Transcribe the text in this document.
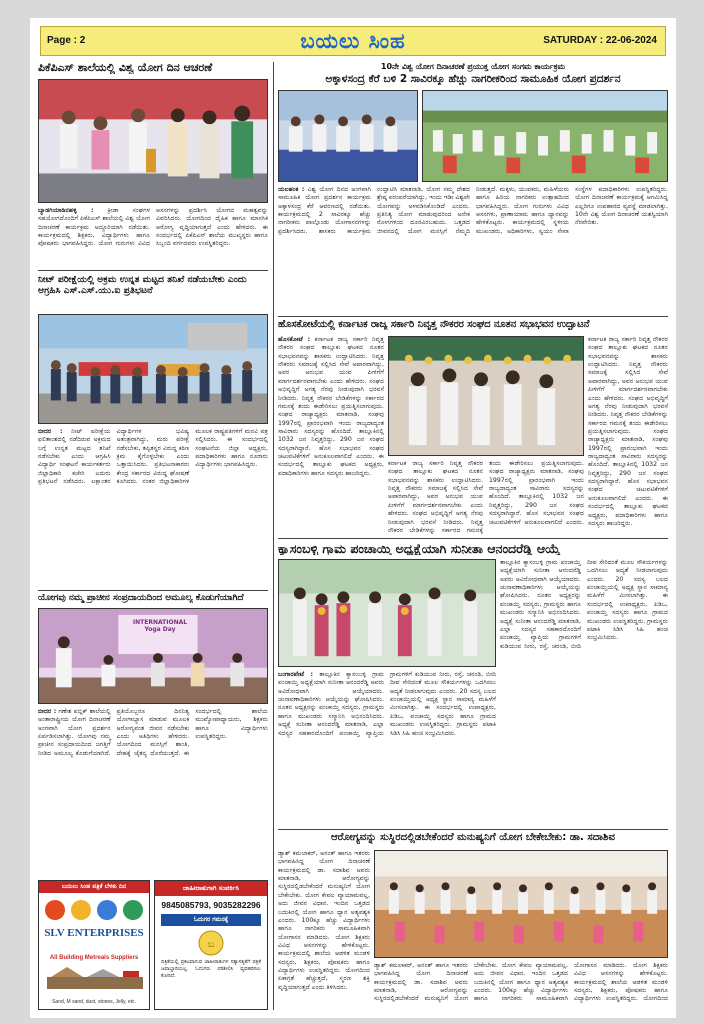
Page : 2	ಬಯಲು ಸಿಂಹ	SATURDAY : 22-06-2024
ಪಿಕೆಪಿಎಸ್ ಶಾಲೆಯಲ್ಲಿ ವಿಶ್ವ ಯೋಗ ದಿನ ಆಚರಣೆ
ಬ್ಯಾಡಗಿಯಾಡಿನಹಳ್ಳಿ : ಕ್ರೀಡಾ ಸಂಘಗಳ ಸಹಯೋಗದೊಂದಿಗೆ ಪಿಕೆಪಿಎಸ್ ಶಾಲೆಯಲ್ಲಿ ವಿಶ್ವ ಯೋಗ ದಿನಾಚರಣೆ ಕಾರ್ಯಕ್ರಮ ಅದ್ದೂರಿಯಾಗಿ ನಡೆಯಿತು. ಕಾರ್ಯಕ್ರಮದಲ್ಲಿ ಶಿಕ್ಷಕರು, ವಿದ್ಯಾರ್ಥಿಗಳು ಹಾಗೂ ಪೋಷಕರು ಭಾಗವಹಿಸಿದ್ದರು. ಯೋಗ ಗುರುಗಳು ವಿವಿಧ ಆಸನಗಳನ್ನು ಪ್ರದರ್ಶಿಸಿ ಯೋಗದ ಮಹತ್ವವನ್ನು ವಿವರಿಸಿದರು. ಯೋಗದಿಂದ ದೈಹಿಕ ಹಾಗೂ ಮಾನಸಿಕ ಆರೋಗ್ಯ ವೃದ್ಧಿಯಾಗುತ್ತದೆ ಎಂದು ಹೇಳಿದರು. ಈ ಸಂದರ್ಭದಲ್ಲಿ ಪಿಕೆಪಿಎಸ್ ಶಾಲೆಯ ಮುಖ್ಯಸ್ಥರು ಹಾಗೂ ಸಿಬ್ಬಂದಿ ವರ್ಗದವರು ಉಪಸ್ಥಿತರಿದ್ದರು.
ನೀಟ್ ಪರೀಕ್ಷೆಯಲ್ಲಿ ಅಕ್ರಮ ಉನ್ನತ ಮಟ್ಟದ ತನಿಖೆ ನಡೆಯಬೇಕು ಎಂದು ಆಗ್ರಹಿಸಿ ಎಸ್.ಎಸ್.ಯು.ಐ ಪ್ರತಿಭಟನೆ
ಬೀದರ : ನೀಟ್ ಪರೀಕ್ಷೆಯ ಫಲಿತಾಂಶದಲ್ಲಿ ನಡೆದಿರುವ ಅಕ್ರಮದ ಬಗ್ಗೆ ಉನ್ನತ ಮಟ್ಟದ ತನಿಖೆ ನಡೆಸಬೇಕು ಎಂದು ಆಗ್ರಹಿಸಿ ವಿದ್ಯಾರ್ಥಿ ಸಂಘಟನೆ ಕಾರ್ಯಕರ್ತರು ಜಿಲ್ಲಾಧಿಕಾರಿ ಕಚೇರಿ ಎದುರು ಪ್ರತಿಭಟನೆ ನಡೆಸಿದರು. ಲಕ್ಷಾಂತರ ವಿದ್ಯಾರ್ಥಿಗಳ ಭವಿಷ್ಯ ಅತಂತ್ರವಾಗಿದ್ದು, ಮರು ಪರೀಕ್ಷೆ ನಡೆಸಬೇಕು, ತಪ್ಪಿತಸ್ಥರ ವಿರುದ್ಧ ಕಠಿಣ ಕ್ರಮ ಕೈಗೊಳ್ಳಬೇಕು ಎಂದು ಒತ್ತಾಯಿಸಿದರು. ಪ್ರತಿಭಟನಾಕಾರರು ಕೇಂದ್ರ ಸರ್ಕಾರದ ವಿರುದ್ಧ ಘೋಷಣೆ ಕೂಗಿದರು. ನಂತರ ಜಿಲ್ಲಾಧಿಕಾರಿಗಳ ಮೂಲಕ ರಾಷ್ಟ್ರಪತಿಗಳಿಗೆ ಮನವಿ ಪತ್ರ ಸಲ್ಲಿಸಿದರು. ಈ ಸಂದರ್ಭದಲ್ಲಿ ಸಂಘಟನೆಯ ಜಿಲ್ಲಾ ಅಧ್ಯಕ್ಷರು, ಪದಾಧಿಕಾರಿಗಳು ಹಾಗೂ ನೂರಾರು ವಿದ್ಯಾರ್ಥಿಗಳು ಭಾಗವಹಿಸಿದ್ದರು.
ಯೋಗವು ನಮ್ಮ ಪ್ರಾಚೀನ ಸಂಪ್ರದಾಯದಿಂದ ಅಮೂಲ್ಯ ಕೊಡುಗೆಯಾಗಿದೆ
INTERNATIONAL Yoga Day
ಬೀದರ : ಗಣೇಶ ಪಬ್ಲಿಕ್ ಶಾಲೆಯಲ್ಲಿ ಅಂತಾರಾಷ್ಟ್ರೀಯ ಯೋಗ ದಿನಾಚರಣೆ ಅಂಗವಾಗಿ ಯೋಗ ಪ್ರದರ್ಶನ ಏರ್ಪಡಿಸಲಾಗಿತ್ತು. ಯೋಗವು ನಮ್ಮ ಪ್ರಾಚೀನ ಸಂಪ್ರದಾಯದಿಂದ ಜಗತ್ತಿಗೆ ನೀಡಿದ ಅಮೂಲ್ಯ ಕೊಡುಗೆಯಾಗಿದೆ. ಪ್ರತಿಯೊಬ್ಬರೂ ದಿನನಿತ್ಯ ಯೋಗಾಭ್ಯಾಸ ಮಾಡುವ ಮೂಲಕ ಆರೋಗ್ಯವಂತ ಜೀವನ ನಡೆಸಬೇಕು ಎಂದು ಅತಿಥಿಗಳು ಹೇಳಿದರು. ಯೋಗದಿಂದ ಮನಸ್ಸಿಗೆ ಶಾಂತಿ, ದೇಹಕ್ಕೆ ಚೈತನ್ಯ ದೊರೆಯುತ್ತದೆ. ಈ ಸಂದರ್ಭದಲ್ಲಿ ಶಾಲೆಯ ಮುಖ್ಯೋಪಾಧ್ಯಾಯರು, ಶಿಕ್ಷಕರು ಹಾಗೂ ವಿದ್ಯಾರ್ಥಿಗಳು ಉಪಸ್ಥಿತರಿದ್ದರು.
ಬಯಲು ಸಿಂಹ ಪತ್ರಿಕೆ ಬೆಳಕು ದಿನ
SLV ENTERPRISES
All Building Metreals Suppliers
Sand, M sand, dust, stones, Jelly, etc.
ಜಾಹೀರಾತುಗಾಗಿ ಸಂಪರ್ಕಿಸಿ
9845085793, 9035282296
ಓದುಗರ ಗಮನಕ್ಕೆ
ಬ
ಪತ್ರಿಕೆಯಲ್ಲಿ ಪ್ರಕಟವಾಗುವ ಜಾಹೀರಾತುಗಳ ಸತ್ಯಾಸತ್ಯತೆಗೆ ಪತ್ರಿಕೆ ಜವಾಬ್ದಾರಿಯಲ್ಲ. ಓದುಗರು ಪರಿಶೀಲಿಸಿ ವ್ಯವಹರಿಸಲು ಕೋರಿದೆ.
10ನೇ ವಿಶ್ವ ಯೋಗ ದಿನಾಚರಣೆ ಪ್ರಯುಕ್ತ ಯೋಗ ಸಂಗಮ ಕಾರ್ಯಕ್ರಮ
ಅಕ್ಕಾಳಸಂದ್ರ ಕೆರೆ ಬಳಿ 2 ಸಾವಿರಕ್ಕೂ ಹೆಚ್ಚು ನಾಗರೀಕರಿಂದ ಸಾಮೂಹಿಕ ಯೋಗ ಪ್ರದರ್ಶನ
ಯಲಹಂಕ : ವಿಶ್ವ ಯೋಗ ದಿನದ ಅಂಗವಾಗಿ ಸಾಮೂಹಿಕ ಯೋಗ ಪ್ರದರ್ಶನ ಕಾರ್ಯಕ್ರಮ ಅಕ್ಕಾಳಸಂದ್ರ ಕೆರೆ ಆವರಣದಲ್ಲಿ ನಡೆಯಿತು. ಕಾರ್ಯಕ್ರಮದಲ್ಲಿ 2 ಸಾವಿರಕ್ಕೂ ಹೆಚ್ಚು ನಾಗರೀಕರು ಪಾಲ್ಗೊಂಡು ಯೋಗಾಸನಗಳನ್ನು ಪ್ರದರ್ಶಿಸಿದರು. ಶಾಸಕರು ಕಾರ್ಯಕ್ರಮ ಉದ್ಘಾಟಿಸಿ ಮಾತನಾಡಿ, ಯೋಗ ನಮ್ಮ ದೇಶದ ಶ್ರೇಷ್ಠ ಪರಂಪರೆಯಾಗಿದ್ದು, ಇಂದು ಇಡೀ ವಿಶ್ವವೇ ಯೋಗವನ್ನು ಅಳವಡಿಸಿಕೊಂಡಿದೆ ಎಂದರು. ಪ್ರತಿನಿತ್ಯ ಯೋಗ ಮಾಡುವುದರಿಂದ ಅನೇಕ ರೋಗಗಳಿಂದ ದೂರವಿರಬಹುದು. ಒತ್ತಡದ ಜೀವನದಲ್ಲಿ ಯೋಗ ಮನಸ್ಸಿಗೆ ನೆಮ್ಮದಿ ನೀಡುತ್ತದೆ. ಮಕ್ಕಳು, ಯುವಕರು, ಮಹಿಳೆಯರು ಹಾಗೂ ಹಿರಿಯ ನಾಗರಿಕರು ಉತ್ಸಾಹದಿಂದ ಭಾಗವಹಿಸಿದ್ದರು. ಯೋಗ ಗುರುಗಳು ವಿವಿಧ ಆಸನಗಳು, ಪ್ರಾಣಾಯಾಮ ಹಾಗೂ ಧ್ಯಾನವನ್ನು ಹೇಳಿಕೊಟ್ಟರು. ಕಾರ್ಯಕ್ರಮದಲ್ಲಿ ಸ್ಥಳೀಯ ಮುಖಂಡರು, ಅಧಿಕಾರಿಗಳು, ಸ್ವಯಂ ಸೇವಾ ಸಂಸ್ಥೆಗಳ ಪದಾಧಿಕಾರಿಗಳು ಉಪಸ್ಥಿತರಿದ್ದರು. ಯೋಗ ದಿನಾಚರಣೆ ಕಾರ್ಯಕ್ರಮಕ್ಕೆ ಆಗಮಿಸಿದ್ದ ಎಲ್ಲರಿಗೂ ಉಪಹಾರದ ವ್ಯವಸ್ಥೆ ಮಾಡಲಾಗಿತ್ತು. 10ನೇ ವಿಶ್ವ ಯೋಗ ದಿನಾಚರಣೆ ಯಶಸ್ವಿಯಾಗಿ ನೆರವೇರಿತು.
ಹೊಸಕೋಟೆಯಲ್ಲಿ ಕರ್ನಾಟಕ ರಾಜ್ಯ ಸರ್ಕಾರಿ ನಿವೃತ್ತ ನೌಕರರ ಸಂಘದ ನೂತನ ಸಭಾಭವನ ಉದ್ಘಾಟನೆ
ಹೊಸಕೋಟೆ : ಕರ್ನಾಟಕ ರಾಜ್ಯ ಸರ್ಕಾರಿ ನಿವೃತ್ತ ನೌಕರರ ಸಂಘದ ತಾಲ್ಲೂಕು ಘಟಕದ ನೂತನ ಸಭಾಭವನವನ್ನು ಶಾಸಕರು ಉದ್ಘಾಟಿಸಿದರು. ನಿವೃತ್ತ ನೌಕರರು ಸಮಾಜಕ್ಕೆ ಸಲ್ಲಿಸಿದ ಸೇವೆ ಅಪಾರವಾಗಿದ್ದು, ಅವರ ಅನುಭವ ಯುವ ಪೀಳಿಗೆಗೆ ಮಾರ್ಗದರ್ಶನವಾಗಬೇಕು ಎಂದು ಹೇಳಿದರು. ಸಂಘದ ಅಭಿವೃದ್ಧಿಗೆ ಅಗತ್ಯ ನೆರವು ನೀಡುವುದಾಗಿ ಭರವಸೆ ನೀಡಿದರು. ನಿವೃತ್ತ ನೌಕರರ ಬೇಡಿಕೆಗಳನ್ನು ಸರ್ಕಾರದ ಗಮನಕ್ಕೆ ತಂದು ಈಡೇರಿಸಲು ಪ್ರಯತ್ನಿಸಲಾಗುವುದು. ಸಂಘದ ರಾಜ್ಯಾಧ್ಯಕ್ಷರು ಮಾತನಾಡಿ, ಸಂಘವು 1997ರಲ್ಲಿ ಪ್ರಾರಂಭವಾಗಿ ಇಂದು ರಾಜ್ಯದಾದ್ಯಂತ ಸಾವಿರಾರು ಸದಸ್ಯರನ್ನು ಹೊಂದಿದೆ. ತಾಲ್ಲೂಕಿನಲ್ಲಿ 1032 ಜನ ನಿವೃತ್ತರಿದ್ದು, 290 ಜನ ಸಂಘದ ಸದಸ್ಯರಾಗಿದ್ದಾರೆ. ಹೊಸ ಸಭಾಭವನ ಸಂಘದ ಚಟುವಟಿಕೆಗಳಿಗೆ ಅನುಕೂಲವಾಗಲಿದೆ ಎಂದರು. ಈ ಸಂದರ್ಭದಲ್ಲಿ ತಾಲ್ಲೂಕು ಘಟಕದ ಅಧ್ಯಕ್ಷರು, ಪದಾಧಿಕಾರಿಗಳು ಹಾಗೂ ಸದಸ್ಯರು ಹಾಜರಿದ್ದರು.
ಕರ್ನಾಟಕ ರಾಜ್ಯ ಸರ್ಕಾರಿ ನಿವೃತ್ತ ನೌಕರರ ಸಂಘದ ತಾಲ್ಲೂಕು ಘಟಕದ ನೂತನ ಸಭಾಭವನವನ್ನು ಶಾಸಕರು ಉದ್ಘಾಟಿಸಿದರು. ನಿವೃತ್ತ ನೌಕರರು ಸಮಾಜಕ್ಕೆ ಸಲ್ಲಿಸಿದ ಸೇವೆ ಅಪಾರವಾಗಿದ್ದು, ಅವರ ಅನುಭವ ಯುವ ಪೀಳಿಗೆಗೆ ಮಾರ್ಗದರ್ಶನವಾಗಬೇಕು ಎಂದು ಹೇಳಿದರು. ಸಂಘದ ಅಭಿವೃದ್ಧಿಗೆ ಅಗತ್ಯ ನೆರವು ನೀಡುವುದಾಗಿ ಭರವಸೆ ನೀಡಿದರು. ನಿವೃತ್ತ ನೌಕರರ ಬೇಡಿಕೆಗಳನ್ನು ಸರ್ಕಾರದ ಗಮನಕ್ಕೆ ತಂದು ಈಡೇರಿಸಲು ಪ್ರಯತ್ನಿಸಲಾಗುವುದು. ಸಂಘದ ರಾಜ್ಯಾಧ್ಯಕ್ಷರು ಮಾತನಾಡಿ, ಸಂಘವು 1997ರಲ್ಲಿ ಪ್ರಾರಂಭವಾಗಿ ಇಂದು ರಾಜ್ಯದಾದ್ಯಂತ ಸಾವಿರಾರು ಸದಸ್ಯರನ್ನು ಹೊಂದಿದೆ. ತಾಲ್ಲೂಕಿನಲ್ಲಿ 1032 ಜನ ನಿವೃತ್ತರಿದ್ದು, 290 ಜನ ಸಂಘದ ಸದಸ್ಯರಾಗಿದ್ದಾರೆ. ಹೊಸ ಸಭಾಭವನ ಸಂಘದ ಚಟುವಟಿಕೆಗಳಿಗೆ ಅನುಕೂಲವಾಗಲಿದೆ ಎಂದರು.
ಕರ್ನಾಟಕ ರಾಜ್ಯ ಸರ್ಕಾರಿ ನಿವೃತ್ತ ನೌಕರರ ಸಂಘದ ತಾಲ್ಲೂಕು ಘಟಕದ ನೂತನ ಸಭಾಭವನವನ್ನು ಶಾಸಕರು ಉದ್ಘಾಟಿಸಿದರು. ನಿವೃತ್ತ ನೌಕರರು ಸಮಾಜಕ್ಕೆ ಸಲ್ಲಿಸಿದ ಸೇವೆ ಅಪಾರವಾಗಿದ್ದು, ಅವರ ಅನುಭವ ಯುವ ಪೀಳಿಗೆಗೆ ಮಾರ್ಗದರ್ಶನವಾಗಬೇಕು ಎಂದು ಹೇಳಿದರು. ಸಂಘದ ಅಭಿವೃದ್ಧಿಗೆ ಅಗತ್ಯ ನೆರವು ನೀಡುವುದಾಗಿ ಭರವಸೆ ನೀಡಿದರು. ನಿವೃತ್ತ ನೌಕರರ ಬೇಡಿಕೆಗಳನ್ನು ಸರ್ಕಾರದ ಗಮನಕ್ಕೆ ತಂದು ಈಡೇರಿಸಲು ಪ್ರಯತ್ನಿಸಲಾಗುವುದು. ಸಂಘದ ರಾಜ್ಯಾಧ್ಯಕ್ಷರು ಮಾತನಾಡಿ, ಸಂಘವು 1997ರಲ್ಲಿ ಪ್ರಾರಂಭವಾಗಿ ಇಂದು ರಾಜ್ಯದಾದ್ಯಂತ ಸಾವಿರಾರು ಸದಸ್ಯರನ್ನು ಹೊಂದಿದೆ. ತಾಲ್ಲೂಕಿನಲ್ಲಿ 1032 ಜನ ನಿವೃತ್ತರಿದ್ದು, 290 ಜನ ಸಂಘದ ಸದಸ್ಯರಾಗಿದ್ದಾರೆ. ಹೊಸ ಸಭಾಭವನ ಸಂಘದ ಚಟುವಟಿಕೆಗಳಿಗೆ ಅನುಕೂಲವಾಗಲಿದೆ ಎಂದರು. ಈ ಸಂದರ್ಭದಲ್ಲಿ ತಾಲ್ಲೂಕು ಘಟಕದ ಅಧ್ಯಕ್ಷರು, ಪದಾಧಿಕಾರಿಗಳು ಹಾಗೂ ಸದಸ್ಯರು ಹಾಜರಿದ್ದರು.
ಕ್ಯಾಸಂಬಳ್ಳಿ ಗ್ರಾಮ ಪಂಚಾಯ್ತಿ ಅಧ್ಯಕ್ಷೆಯಾಗಿ ಸುನೀತಾ ಆನಂದರೆಡ್ಡಿ ಆಯ್ಕೆ
ಬಂಗಾರಪೇಟೆ : ತಾಲ್ಲೂಕಿನ ಕ್ಯಾಸಂಬಳ್ಳಿ ಗ್ರಾಮ ಪಂಚಾಯ್ತಿ ಅಧ್ಯಕ್ಷೆಯಾಗಿ ಸುನೀತಾ ಆನಂದರೆಡ್ಡಿ ಅವರು ಅವಿರೋಧವಾಗಿ ಆಯ್ಕೆಯಾದರು. ಚುನಾವಣಾಧಿಕಾರಿಗಳು ಆಯ್ಕೆಯನ್ನು ಘೋಷಿಸಿದರು. ನೂತನ ಅಧ್ಯಕ್ಷರನ್ನು ಪಂಚಾಯ್ತಿ ಸದಸ್ಯರು, ಗ್ರಾಮಸ್ಥರು ಹಾಗೂ ಮುಖಂಡರು ಸನ್ಮಾನಿಸಿ ಅಭಿನಂದಿಸಿದರು. ಅಧ್ಯಕ್ಷೆ ಸುನೀತಾ ಆನಂದರೆಡ್ಡಿ ಮಾತನಾಡಿ, ಎಲ್ಲಾ ಸದಸ್ಯರ ಸಹಕಾರದೊಂದಿಗೆ ಪಂಚಾಯ್ತಿ ವ್ಯಾಪ್ತಿಯ ಗ್ರಾಮಗಳಿಗೆ ಕುಡಿಯುವ ನೀರು, ರಸ್ತೆ, ಚರಂಡಿ, ಬೀದಿ ದೀಪ ಸೇರಿದಂತೆ ಮೂಲ ಸೌಕರ್ಯಗಳನ್ನು ಒದಗಿಸಲು ಆದ್ಯತೆ ನೀಡಲಾಗುವುದು ಎಂದರು. 20 ಸದಸ್ಯ ಬಲದ ಪಂಚಾಯ್ತಿಯಲ್ಲಿ ಅಧ್ಯಕ್ಷ ಸ್ಥಾನ ಸಾಮಾನ್ಯ ಮಹಿಳೆಗೆ ಮೀಸಲಾಗಿತ್ತು. ಈ ಸಂದರ್ಭದಲ್ಲಿ ಉಪಾಧ್ಯಕ್ಷರು, ಪಿಡಿಒ, ಪಂಚಾಯ್ತಿ ಸದಸ್ಯರು ಹಾಗೂ ಗ್ರಾಮದ ಮುಖಂಡರು ಉಪಸ್ಥಿತರಿದ್ದರು. ಗ್ರಾಮಸ್ಥರು ಪಟಾಕಿ ಸಿಡಿಸಿ ಸಿಹಿ ಹಂಚಿ ಸಂಭ್ರಮಿಸಿದರು.
ತಾಲ್ಲೂಕಿನ ಕ್ಯಾಸಂಬಳ್ಳಿ ಗ್ರಾಮ ಪಂಚಾಯ್ತಿ ಅಧ್ಯಕ್ಷೆಯಾಗಿ ಸುನೀತಾ ಆನಂದರೆಡ್ಡಿ ಅವರು ಅವಿರೋಧವಾಗಿ ಆಯ್ಕೆಯಾದರು. ಚುನಾವಣಾಧಿಕಾರಿಗಳು ಆಯ್ಕೆಯನ್ನು ಘೋಷಿಸಿದರು. ನೂತನ ಅಧ್ಯಕ್ಷರನ್ನು ಪಂಚಾಯ್ತಿ ಸದಸ್ಯರು, ಗ್ರಾಮಸ್ಥರು ಹಾಗೂ ಮುಖಂಡರು ಸನ್ಮಾನಿಸಿ ಅಭಿನಂದಿಸಿದರು. ಅಧ್ಯಕ್ಷೆ ಸುನೀತಾ ಆನಂದರೆಡ್ಡಿ ಮಾತನಾಡಿ, ಎಲ್ಲಾ ಸದಸ್ಯರ ಸಹಕಾರದೊಂದಿಗೆ ಪಂಚಾಯ್ತಿ ವ್ಯಾಪ್ತಿಯ ಗ್ರಾಮಗಳಿಗೆ ಕುಡಿಯುವ ನೀರು, ರಸ್ತೆ, ಚರಂಡಿ, ಬೀದಿ ದೀಪ ಸೇರಿದಂತೆ ಮೂಲ ಸೌಕರ್ಯಗಳನ್ನು ಒದಗಿಸಲು ಆದ್ಯತೆ ನೀಡಲಾಗುವುದು ಎಂದರು. 20 ಸದಸ್ಯ ಬಲದ ಪಂಚಾಯ್ತಿಯಲ್ಲಿ ಅಧ್ಯಕ್ಷ ಸ್ಥಾನ ಸಾಮಾನ್ಯ ಮಹಿಳೆಗೆ ಮೀಸಲಾಗಿತ್ತು. ಈ ಸಂದರ್ಭದಲ್ಲಿ ಉಪಾಧ್ಯಕ್ಷರು, ಪಿಡಿಒ, ಪಂಚಾಯ್ತಿ ಸದಸ್ಯರು ಹಾಗೂ ಗ್ರಾಮದ ಮುಖಂಡರು ಉಪಸ್ಥಿತರಿದ್ದರು. ಗ್ರಾಮಸ್ಥರು ಪಟಾಕಿ ಸಿಡಿಸಿ ಸಿಹಿ ಹಂಚಿ ಸಂಭ್ರಮಿಸಿದರು.
ಆರೋಗ್ಯವನ್ನು ಸುಸ್ಥಿರದಲ್ಲಿಡಬೇಕೆಂದರೆ ಮನುಷ್ಯನಿಗೆ ಯೋಗ ಬೇಕೇಬೇಕು: ಡಾ. ಸದಾಶಿವ
ಡ್ಯಾಶ್ ಕಮಲಾಕರ್, ಅನಂತ್ ಹಾಗೂ ಇತರರು ಭಾಗವಹಿಸಿದ್ದ ಯೋಗ ದಿನಾಚರಣೆ ಕಾರ್ಯಕ್ರಮದಲ್ಲಿ ಡಾ. ಸದಾಶಿವ ಅವರು ಮಾತನಾಡಿ, ಆರೋಗ್ಯವನ್ನು ಸುಸ್ಥಿರದಲ್ಲಿಡಬೇಕೆಂದರೆ ಮನುಷ್ಯನಿಗೆ ಯೋಗ ಬೇಕೇಬೇಕು. ಯೋಗ ಕೇವಲ ವ್ಯಾಯಾಮವಲ್ಲ, ಅದು ಜೀವನ ವಿಧಾನ. ಇಂದಿನ ಒತ್ತಡದ ಬದುಕಿನಲ್ಲಿ ಯೋಗ ಹಾಗೂ ಧ್ಯಾನ ಅತ್ಯವಶ್ಯಕ ಎಂದರು. 100ಕ್ಕೂ ಹೆಚ್ಚು ವಿದ್ಯಾರ್ಥಿಗಳು ಹಾಗೂ ನಾಗರಿಕರು ಸಾಮೂಹಿಕವಾಗಿ ಯೋಗಾಸನ ಮಾಡಿದರು. ಯೋಗ ಶಿಕ್ಷಕರು ವಿವಿಧ ಆಸನಗಳನ್ನು ಹೇಳಿಕೊಟ್ಟರು. ಕಾರ್ಯಕ್ರಮದಲ್ಲಿ ಶಾಲೆಯ ಆಡಳಿತ ಮಂಡಳಿ ಸದಸ್ಯರು, ಶಿಕ್ಷಕರು, ಪೋಷಕರು ಹಾಗೂ ವಿದ್ಯಾರ್ಥಿಗಳು ಉಪಸ್ಥಿತರಿದ್ದರು. ಯೋಗದಿಂದ ಏಕಾಗ್ರತೆ ಹೆಚ್ಚುತ್ತದೆ, ಸ್ಮರಣ ಶಕ್ತಿ ವೃದ್ಧಿಯಾಗುತ್ತದೆ ಎಂದು ತಿಳಿಸಿದರು.
ಡ್ಯಾಶ್ ಕಮಲಾಕರ್, ಅನಂತ್ ಹಾಗೂ ಇತರರು ಭಾಗವಹಿಸಿದ್ದ ಯೋಗ ದಿನಾಚರಣೆ ಕಾರ್ಯಕ್ರಮದಲ್ಲಿ ಡಾ. ಸದಾಶಿವ ಅವರು ಮಾತನಾಡಿ, ಆರೋಗ್ಯವನ್ನು ಸುಸ್ಥಿರದಲ್ಲಿಡಬೇಕೆಂದರೆ ಮನುಷ್ಯನಿಗೆ ಯೋಗ ಬೇಕೇಬೇಕು. ಯೋಗ ಕೇವಲ ವ್ಯಾಯಾಮವಲ್ಲ, ಅದು ಜೀವನ ವಿಧಾನ. ಇಂದಿನ ಒತ್ತಡದ ಬದುಕಿನಲ್ಲಿ ಯೋಗ ಹಾಗೂ ಧ್ಯಾನ ಅತ್ಯವಶ್ಯಕ ಎಂದರು. 100ಕ್ಕೂ ಹೆಚ್ಚು ವಿದ್ಯಾರ್ಥಿಗಳು ಹಾಗೂ ನಾಗರಿಕರು ಸಾಮೂಹಿಕವಾಗಿ ಯೋಗಾಸನ ಮಾಡಿದರು. ಯೋಗ ಶಿಕ್ಷಕರು ವಿವಿಧ ಆಸನಗಳನ್ನು ಹೇಳಿಕೊಟ್ಟರು. ಕಾರ್ಯಕ್ರಮದಲ್ಲಿ ಶಾಲೆಯ ಆಡಳಿತ ಮಂಡಳಿ ಸದಸ್ಯರು, ಶಿಕ್ಷಕರು, ಪೋಷಕರು ಹಾಗೂ ವಿದ್ಯಾರ್ಥಿಗಳು ಉಪಸ್ಥಿತರಿದ್ದರು. ಯೋಗದಿಂದ
